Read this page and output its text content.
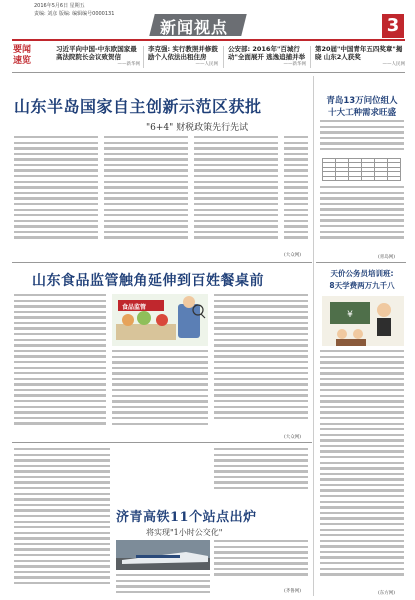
2016年5月6日 星期五
责编: 刘彦 版编: 编辑编号0000131
新闻视点	3
要闻速览
习近平向中国-中东欧国家最高法院院长会议致贺信
——新华网
李克强: 实行教照并修鼓励个人依法出租住房
——人民网
公安部: 2016年"百城行动"全面展开 逃逸追捕并举
——新华网
第20届"中国青年五四奖章"揭晓 山东2人获奖
——人民网
山东半岛国家自主创新示范区获批
"6+4" 财税政策先行先试
(大众网)
青岛13万问位组人
十大工种需求旺盛

(青岛网)
山东食品监管触角延伸到百姓餐桌前
食品监管
(大众网)
天价公务员培训班:
8天学费两万九千八
¥
(东方网)
济青高铁11个站点出炉
将实现"1小时公交化"
(齐鲁网)
